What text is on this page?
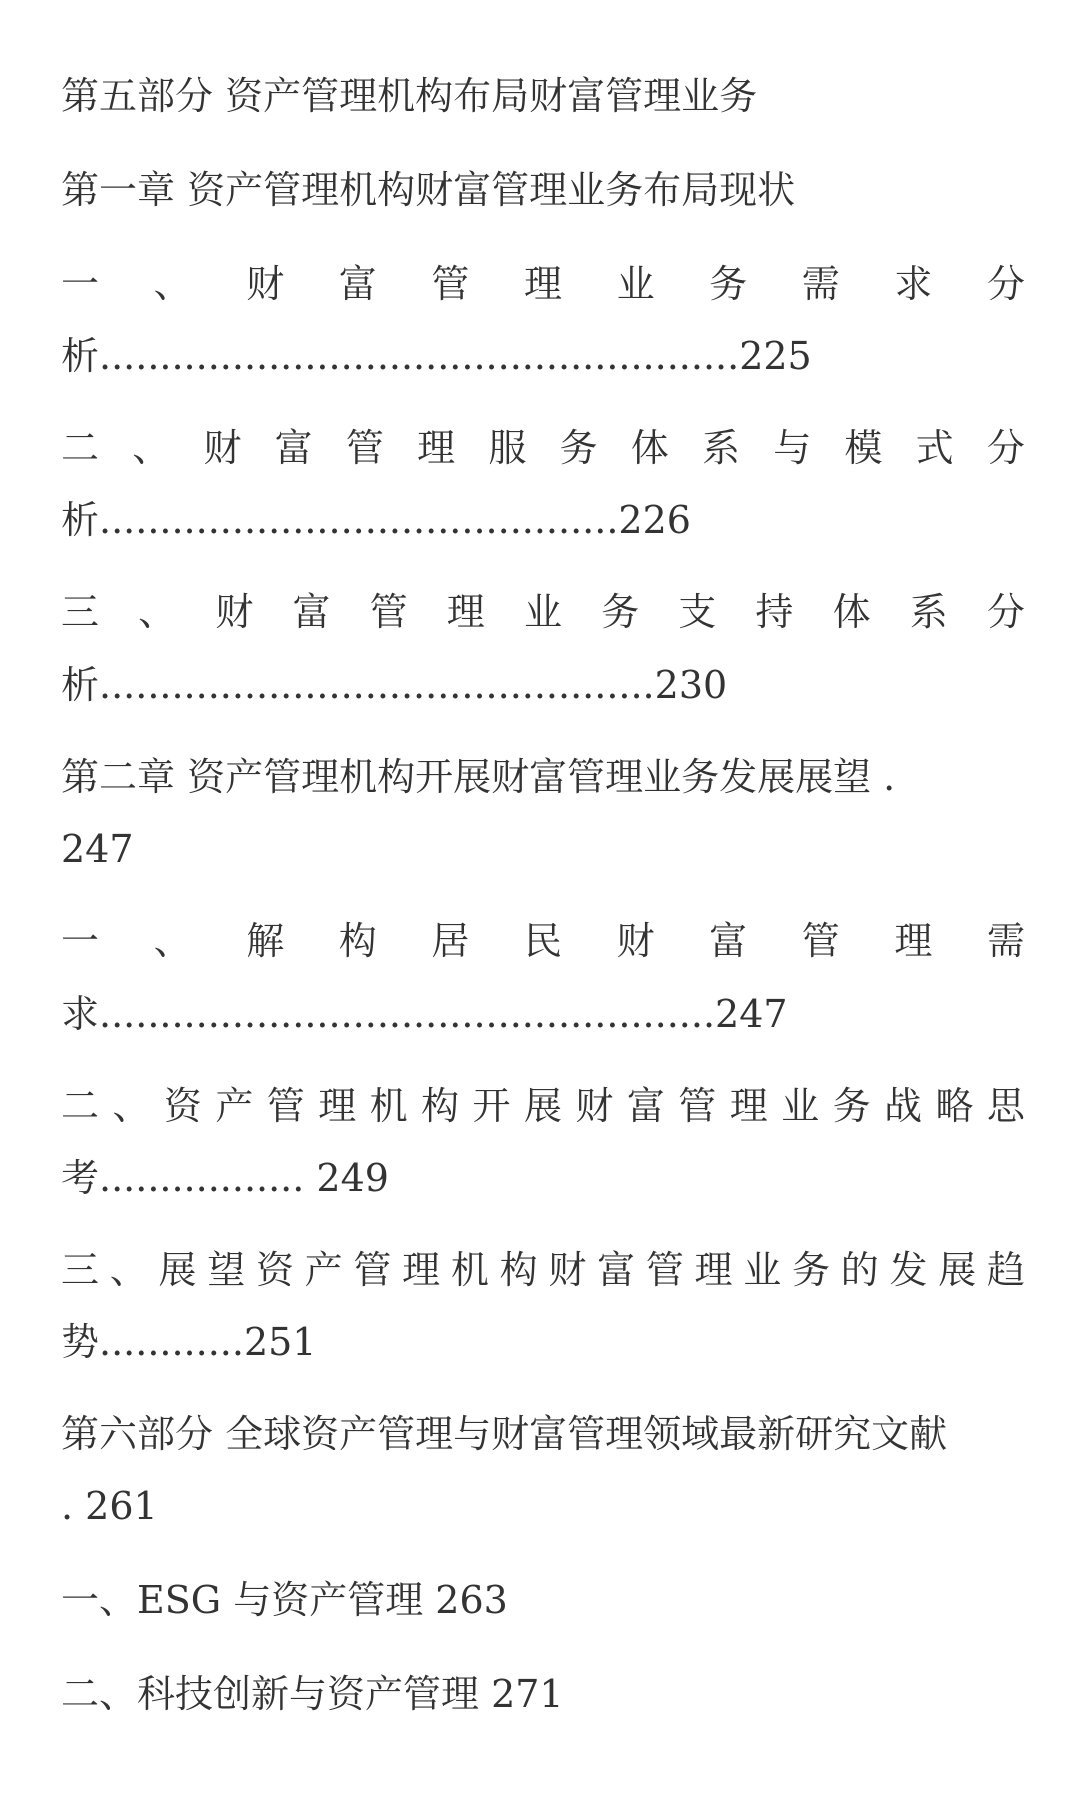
第五部分 资产管理机构布局财富管理业务
第一章 资产管理机构财富管理业务布局现状
一 、 财 富 管 理 业 务 需 求 分
析.....................................................225
二 、 财 富 管 理 服 务 体 系 与 模 式 分
析...........................................226
三 、 财 富 管 理 业 务 支 持 体 系 分
析..............................................230
第二章 资产管理机构开展财富管理业务发展展望 .
247
一 、 解 构 居 民 财 富 管 理 需
求...................................................247
二 、 资 产 管 理 机 构 开 展 财 富 管 理 业 务 战 略 思
考................. 249
三 、 展 望 资 产 管 理 机 构 财 富 管 理 业 务 的 发 展 趋
势............251
第六部分 全球资产管理与财富管理领域最新研究文献
. 261
一、ESG 与资产管理 263
二、科技创新与资产管理 271
